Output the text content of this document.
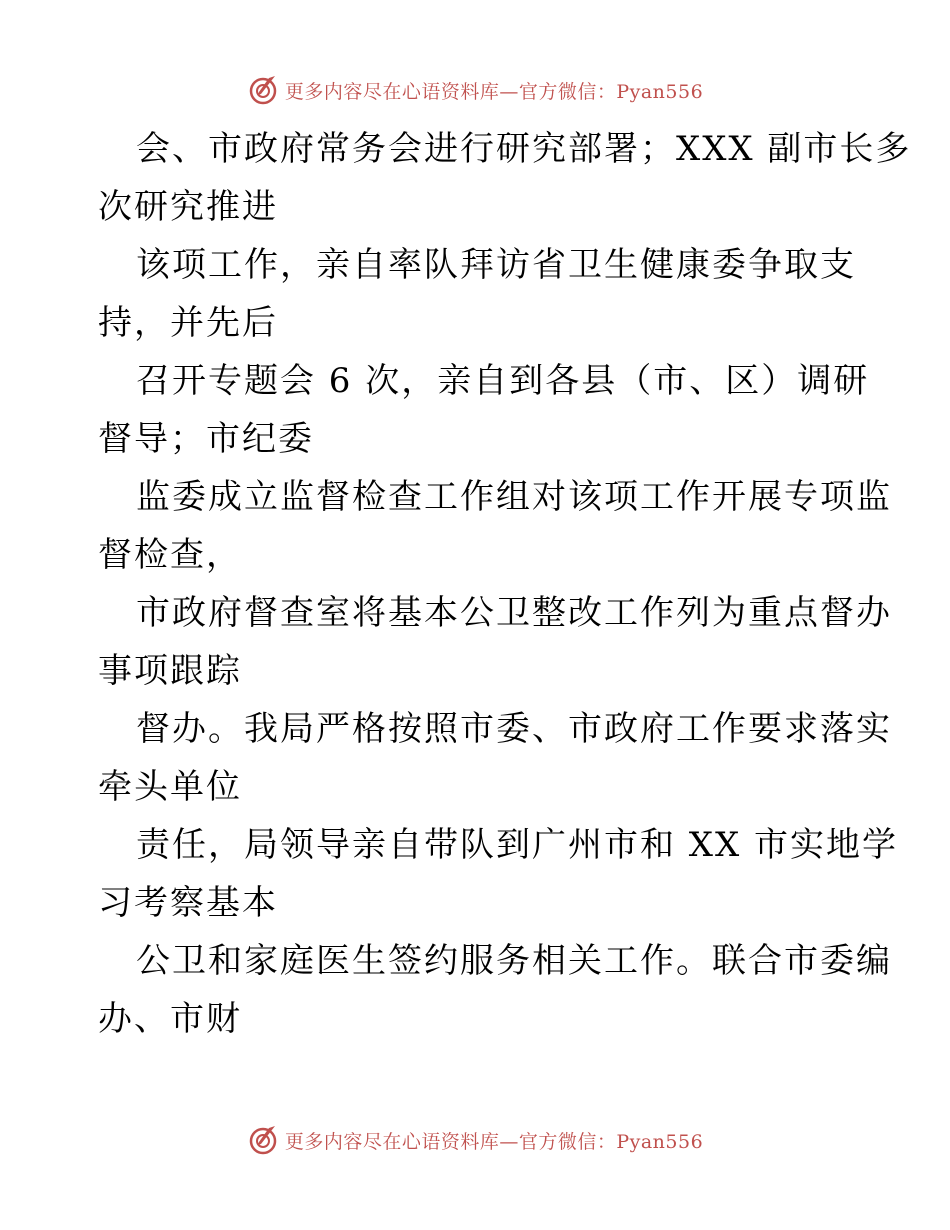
更多内容尽在心语资料库—官方微信：Pyan556
会、市政府常务会进行研究部署；XXX 副市长多
次研究推进
该项工作，亲自率队拜访省卫生健康委争取支
持，并先后
召开专题会 6 次，亲自到各县（市、区）调研
督导；市纪委
监委成立监督检查工作组对该项工作开展专项监
督检查，
市政府督查室将基本公卫整改工作列为重点督办
事项跟踪
督办。我局严格按照市委、市政府工作要求落实
牵头单位
责任，局领导亲自带队到广州市和 XX 市实地学
习考察基本
公卫和家庭医生签约服务相关工作。联合市委编
办、市财
更多内容尽在心语资料库—官方微信：Pyan556
